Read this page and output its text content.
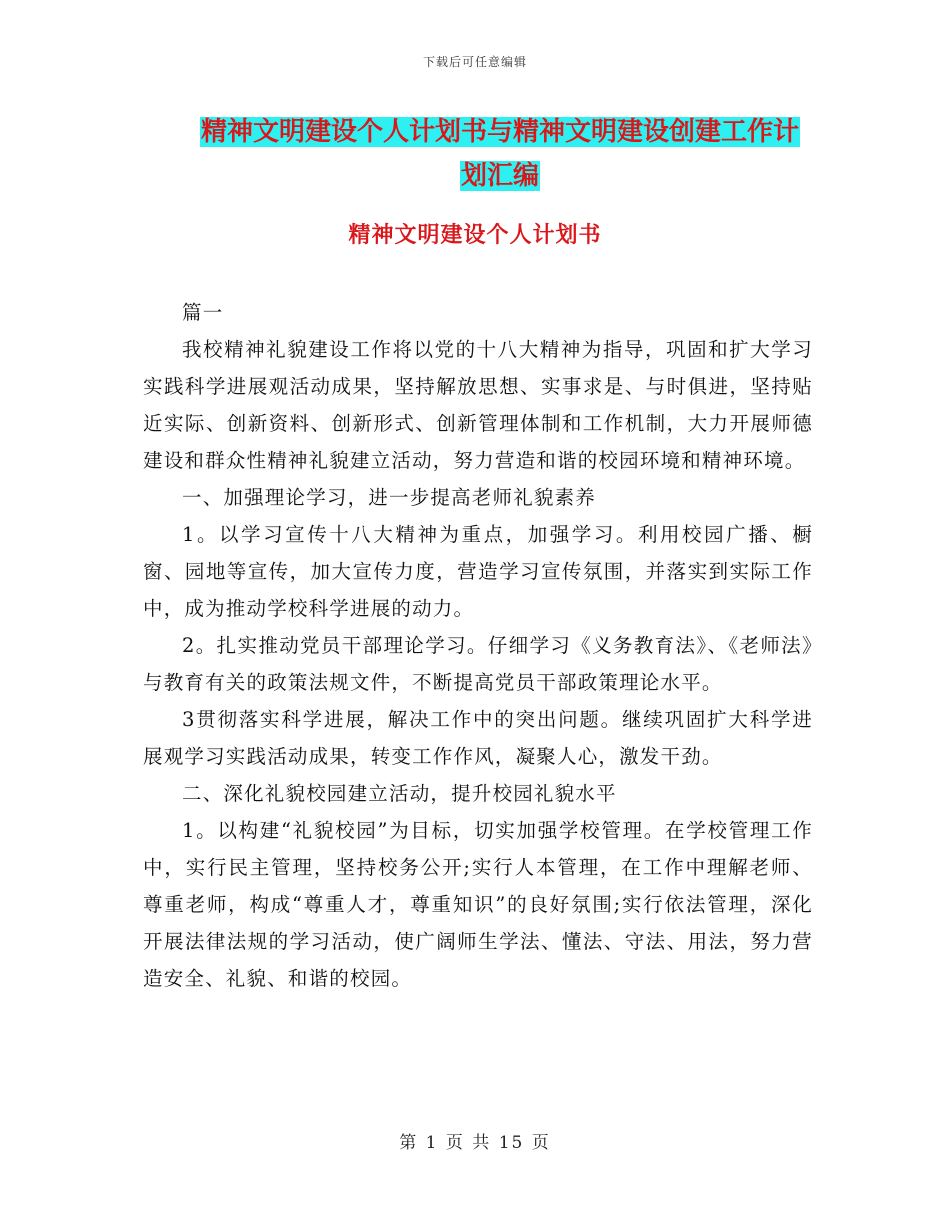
下载后可任意编辑
精神文明建设个人计划书与精神文明建设创建工作计
划汇编
精神文明建设个人计划书

篇一

我校精神礼貌建设工作将以党的十八大精神为指导，巩固和扩大学习实践科学进展观活动成果，坚持解放思想、实事求是、与时俱进，坚持贴近实际、创新资料、创新形式、创新管理体制和工作机制，大力开展师德建设和群众性精神礼貌建立活动，努力营造和谐的校园环境和精神环境。

一、加强理论学习，进一步提高老师礼貌素养

1。以学习宣传十八大精神为重点，加强学习。利用校园广播、橱窗、园地等宣传，加大宣传力度，营造学习宣传氛围，并落实到实际工作中，成为推动学校科学进展的动力。

2。扎实推动党员干部理论学习。仔细学习《义务教育法》、《老师法》与教育有关的政策法规文件，不断提高党员干部政策理论水平。

3贯彻落实科学进展，解决工作中的突出问题。继续巩固扩大科学进展观学习实践活动成果，转变工作作风，凝聚人心，激发干劲。

二、深化礼貌校园建立活动，提升校园礼貌水平

1。以构建“礼貌校园”为目标，切实加强学校管理。在学校管理工作中，实行民主管理，坚持校务公开;实行人本管理，在工作中理解老师、尊重老师，构成“尊重人才，尊重知识”的良好氛围;实行依法管理，深化开展法律法规的学习活动，使广阔师生学法、懂法、守法、用法，努力营造安全、礼貌、和谐的校园。

第 1 页 共 15 页
